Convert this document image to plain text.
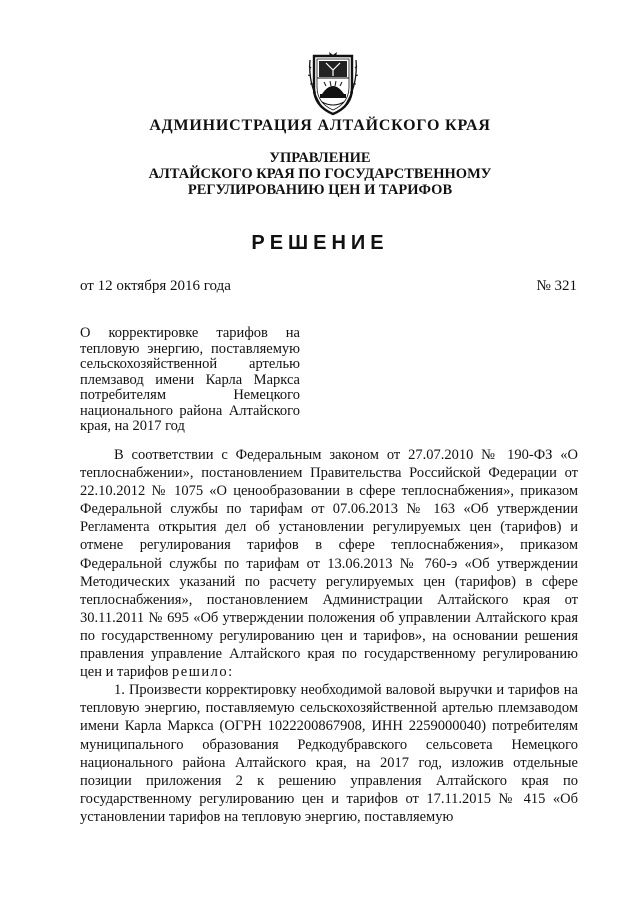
АДМИНИСТРАЦИЯ АЛТАЙСКОГО КРАЯ
УПРАВЛЕНИЕ
АЛТАЙСКОГО КРАЯ ПО ГОСУДАРСТВЕННОМУ
РЕГУЛИРОВАНИЮ ЦЕН И ТАРИФОВ
РЕШЕНИЕ
от 12 октября 2016 года	№ 321
О корректировке тарифов на тепловую энергию, поставляемую сельскохозяйственной артелью племзавод имени Карла Маркса потребителям Немецкого национального района Алтайского края, на 2017 год

В соответствии с Федеральным законом от 27.07.2010 № 190-ФЗ «О теплоснабжении», постановлением Правительства Российской Федерации от 22.10.2012 № 1075 «О ценообразовании в сфере теплоснабжения», приказом Федеральной службы по тарифам от 07.06.2013 № 163 «Об утверждении Регламента открытия дел об установлении регулируемых цен (тарифов) и отмене регулирования тарифов в сфере теплоснабжения», приказом Федеральной службы по тарифам от 13.06.2013 № 760-э «Об утверждении Методических указаний по расчету регулируемых цен (тарифов) в сфере теплоснабжения», постановлением Администрации Алтайского края от 30.11.2011 № 695 «Об утверждении положения об управлении Алтайского края по государственному регулированию цен и тарифов», на основании решения правления управление Алтайского края по государственному регулированию цен и тарифов решило:

1. Произвести корректировку необходимой валовой выручки и тарифов на тепловую энергию, поставляемую сельскохозяйственной артелью племзаводом имени Карла Маркса (ОГРН 1022200867908, ИНН 2259000040) потребителям муниципального образования Редкодубравского сельсовета Немецкого национального района Алтайского края, на 2017 год, изложив отдельные позиции приложения 2 к решению управления Алтайского края по государственному регулированию цен и тарифов от 17.11.2015 № 415 «Об установлении тарифов на тепловую энергию, поставляемую
